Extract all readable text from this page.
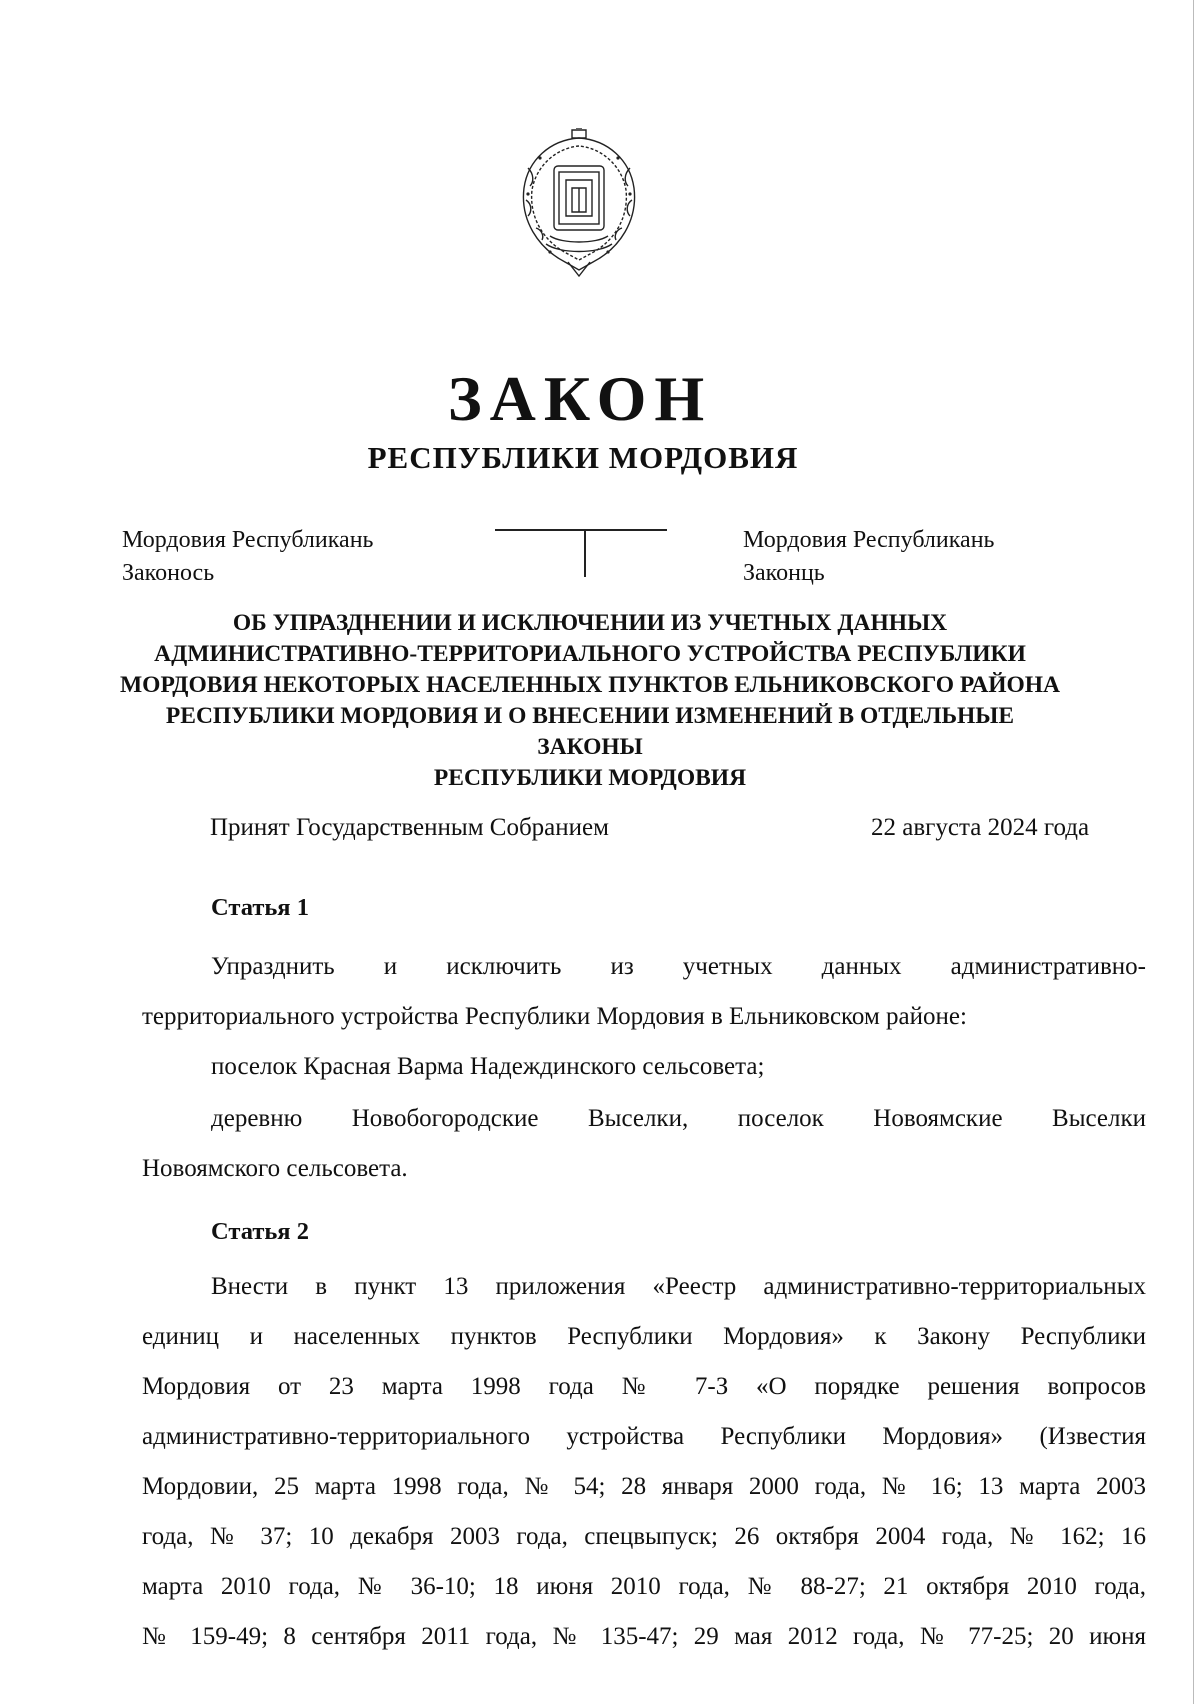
ЗАКОН
РЕСПУБЛИКИ МОРДОВИЯ
Мордовия Республикань
Законось
Мордовия Республикань
Законць
ОБ УПРАЗДНЕНИИ И ИСКЛЮЧЕНИИ ИЗ УЧЕТНЫХ ДАННЫХ
АДМИНИСТРАТИВНО-ТЕРРИТОРИАЛЬНОГО УСТРОЙСТВА РЕСПУБЛИКИ
МОРДОВИЯ НЕКОТОРЫХ НАСЕЛЕННЫХ ПУНКТОВ ЕЛЬНИКОВСКОГО РАЙОНА
РЕСПУБЛИКИ МОРДОВИЯ И О ВНЕСЕНИИ ИЗМЕНЕНИЙ В ОТДЕЛЬНЫЕ ЗАКОНЫ
РЕСПУБЛИКИ МОРДОВИЯ
Принят Государственным Собранием	22 августа 2024 года
Статья 1
Упразднить и исключить из учетных данных административно-
территориального устройства Республики Мордовия в Ельниковском районе:
поселок Красная Варма Надеждинского сельсовета;
деревню Новобогородские Выселки, поселок Новоямские Выселки
Новоямского сельсовета.
Статья 2
Внести в пункт 13 приложения «Реестр административно-территориальных
единиц и населенных пунктов Республики Мордовия» к Закону Республики
Мордовия от 23 марта 1998 года № 7-З «О порядке решения вопросов
административно-территориального устройства Республики Мордовия» (Известия
Мордовии, 25 марта 1998 года, № 54; 28 января 2000 года, № 16; 13 марта 2003
года, № 37; 10 декабря 2003 года, спецвыпуск; 26 октября 2004 года, № 162; 16
марта 2010 года, № 36-10; 18 июня 2010 года, № 88-27; 21 октября 2010 года,
№ 159-49; 8 сентября 2011 года, № 135-47; 29 мая 2012 года, № 77-25; 20 июня
